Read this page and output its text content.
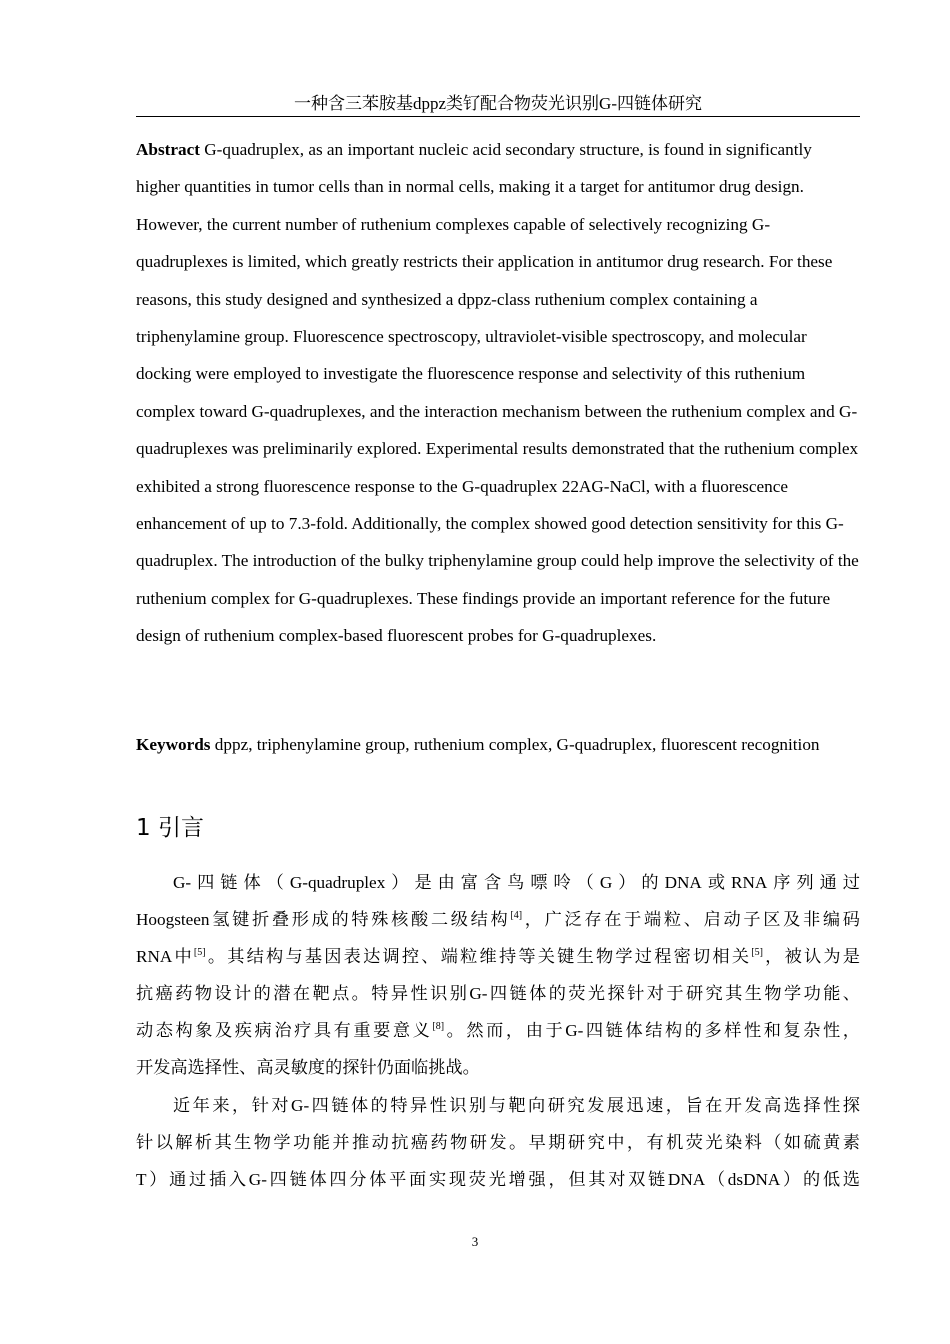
一种含三苯胺基dppz类钌配合物荧光识别G-四链体研究

Abstract G-quadruplex, as an important nucleic acid secondary structure, is found in significantly higher quantities in tumor cells than in normal cells, making it a target for antitumor drug design. However, the current number of ruthenium complexes capable of selectively recognizing G-quadruplexes is limited, which greatly restricts their application in antitumor drug research. For these reasons, this study designed and synthesized a dppz-class ruthenium complex containing a triphenylamine group. Fluorescence spectroscopy, ultraviolet-visible spectroscopy, and molecular docking were employed to investigate the fluorescence response and selectivity of this ruthenium complex toward G-quadruplexes, and the interaction mechanism between the ruthenium complex and G-quadruplexes was preliminarily explored. Experimental results demonstrated that the ruthenium complex exhibited a strong fluorescence response to the G-quadruplex 22AG-NaCl, with a fluorescence enhancement of up to 7.3-fold. Additionally, the complex showed good detection sensitivity for this G-quadruplex. The introduction of the bulky triphenylamine group could help improve the selectivity of the ruthenium complex for G-quadruplexes. These findings provide an important reference for the future design of ruthenium complex-based fluorescent probes for G-quadruplexes.

Keywords dppz, triphenylamine group, ruthenium complex, G-quadruplex, fluorescent recognition

1 引言
G-四链体（G-quadruplex）是由富含鸟嘌呤（G）的DNA或RNA序列通过
Hoogsteen氢键折叠形成的特殊核酸二级结构[4]，广泛存在于端粒、启动子区及非编码
RNA中[5]。其结构与基因表达调控、端粒维持等关键生物学过程密切相关[5]，被认为是
抗癌药物设计的潜在靶点。特异性识别G-四链体的荧光探针对于研究其生物学功能、
动态构象及疾病治疗具有重要意义[8]。然而，由于G-四链体结构的多样性和复杂性，
开发高选择性、高灵敏度的探针仍面临挑战。
近年来，针对G-四链体的特异性识别与靶向研究发展迅速，旨在开发高选择性探
针以解析其生物学功能并推动抗癌药物研发。早期研究中，有机荧光染料（如硫黄素
T）通过插入G-四链体四分体平面实现荧光增强，但其对双链DNA（dsDNA）的低选
3
